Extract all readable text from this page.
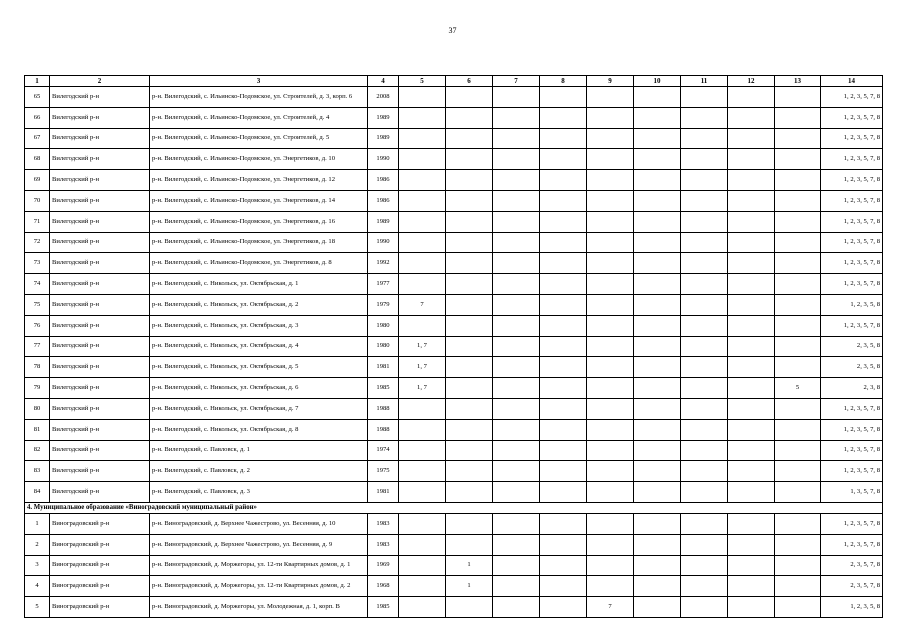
37
1	2	3	4	5	6	7	8	9	10	11	12	13	14
65	Вилегодский р-н	р-н. Вилегодский, с. Ильинско-Подомское, ул. Строителей, д. 3, корп. 6	2008										1, 2, 3, 5, 7, 8
66	Вилегодский р-н	р-н. Вилегодский, с. Ильинско-Подомское, ул. Строителей, д. 4	1989										1, 2, 3, 5, 7, 8
67	Вилегодский р-н	р-н. Вилегодский, с. Ильинско-Подомское, ул. Строителей, д. 5	1989										1, 2, 3, 5, 7, 8
68	Вилегодский р-н	р-н. Вилегодский, с. Ильинско-Подомское, ул. Энергетиков, д. 10	1990										1, 2, 3, 5, 7, 8
69	Вилегодский р-н	р-н. Вилегодский, с. Ильинско-Подомское, ул. Энергетиков, д. 12	1986										1, 2, 3, 5, 7, 8
70	Вилегодский р-н	р-н. Вилегодский, с. Ильинско-Подомское, ул. Энергетиков, д. 14	1986										1, 2, 3, 5, 7, 8
71	Вилегодский р-н	р-н. Вилегодский, с. Ильинско-Подомское, ул. Энергетиков, д. 16	1989										1, 2, 3, 5, 7, 8
72	Вилегодский р-н	р-н. Вилегодский, с. Ильинско-Подомское, ул. Энергетиков, д. 18	1990										1, 2, 3, 5, 7, 8
73	Вилегодский р-н	р-н. Вилегодский, с. Ильинско-Подомское, ул. Энергетиков, д. 8	1992										1, 2, 3, 5, 7, 8
74	Вилегодский р-н	р-н. Вилегодский, с. Никольск, ул. Октябрьская, д. 1	1977										1, 2, 3, 5, 7, 8
75	Вилегодский р-н	р-н. Вилегодский, с. Никольск, ул. Октябрьская, д. 2	1979	7									1, 2, 3, 5, 8
76	Вилегодский р-н	р-н. Вилегодский, с. Никольск, ул. Октябрьская, д. 3	1980										1, 2, 3, 5, 7, 8
77	Вилегодский р-н	р-н. Вилегодский, с. Никольск, ул. Октябрьская, д. 4	1980	1, 7									2, 3, 5, 8
78	Вилегодский р-н	р-н. Вилегодский, с. Никольск, ул. Октябрьская, д. 5	1981	1, 7									2, 3, 5, 8
79	Вилегодский р-н	р-н. Вилегодский, с. Никольск, ул. Октябрьская, д. 6	1985	1, 7								5	2, 3, 8
80	Вилегодский р-н	р-н. Вилегодский, с. Никольск, ул. Октябрьская, д. 7	1988										1, 2, 3, 5, 7, 8
81	Вилегодский р-н	р-н. Вилегодский, с. Никольск, ул. Октябрьская, д. 8	1988										1, 2, 3, 5, 7, 8
82	Вилегодский р-н	р-н. Вилегодский, с. Павловск, д. 1	1974										1, 2, 3, 5, 7, 8
83	Вилегодский р-н	р-н. Вилегодский, с. Павловск, д. 2	1975										1, 2, 3, 5, 7, 8
84	Вилегодский р-н	р-н. Вилегодский, с. Павловск, д. 3	1981										1, 3, 5, 7, 8
4. Муниципальное образование «Виноградовский муниципальный район»													
1	Виноградовский р-н	р-н. Виноградовский, д. Верхнее Чажестрово, ул. Весенняя, д. 10	1983										1, 2, 3, 5, 7, 8
2	Виноградовский р-н	р-н. Виноградовский, д. Верхнее Чажестрово, ул. Весенняя, д. 9	1983										1, 2, 3, 5, 7, 8
3	Виноградовский р-н	р-н. Виноградовский, д. Моржегоры, ул. 12-ти Квартирных домов, д. 1	1969		1								2, 3, 5, 7, 8
4	Виноградовский р-н	р-н. Виноградовский, д. Моржегоры, ул. 12-ти Квартирных домов, д. 2	1968		1								2, 3, 5, 7, 8
5	Виноградовский р-н	р-н. Виноградовский, д. Моржегоры, ул. Молодежная, д. 1, корп. В	1985					7					1, 2, 3, 5, 8
